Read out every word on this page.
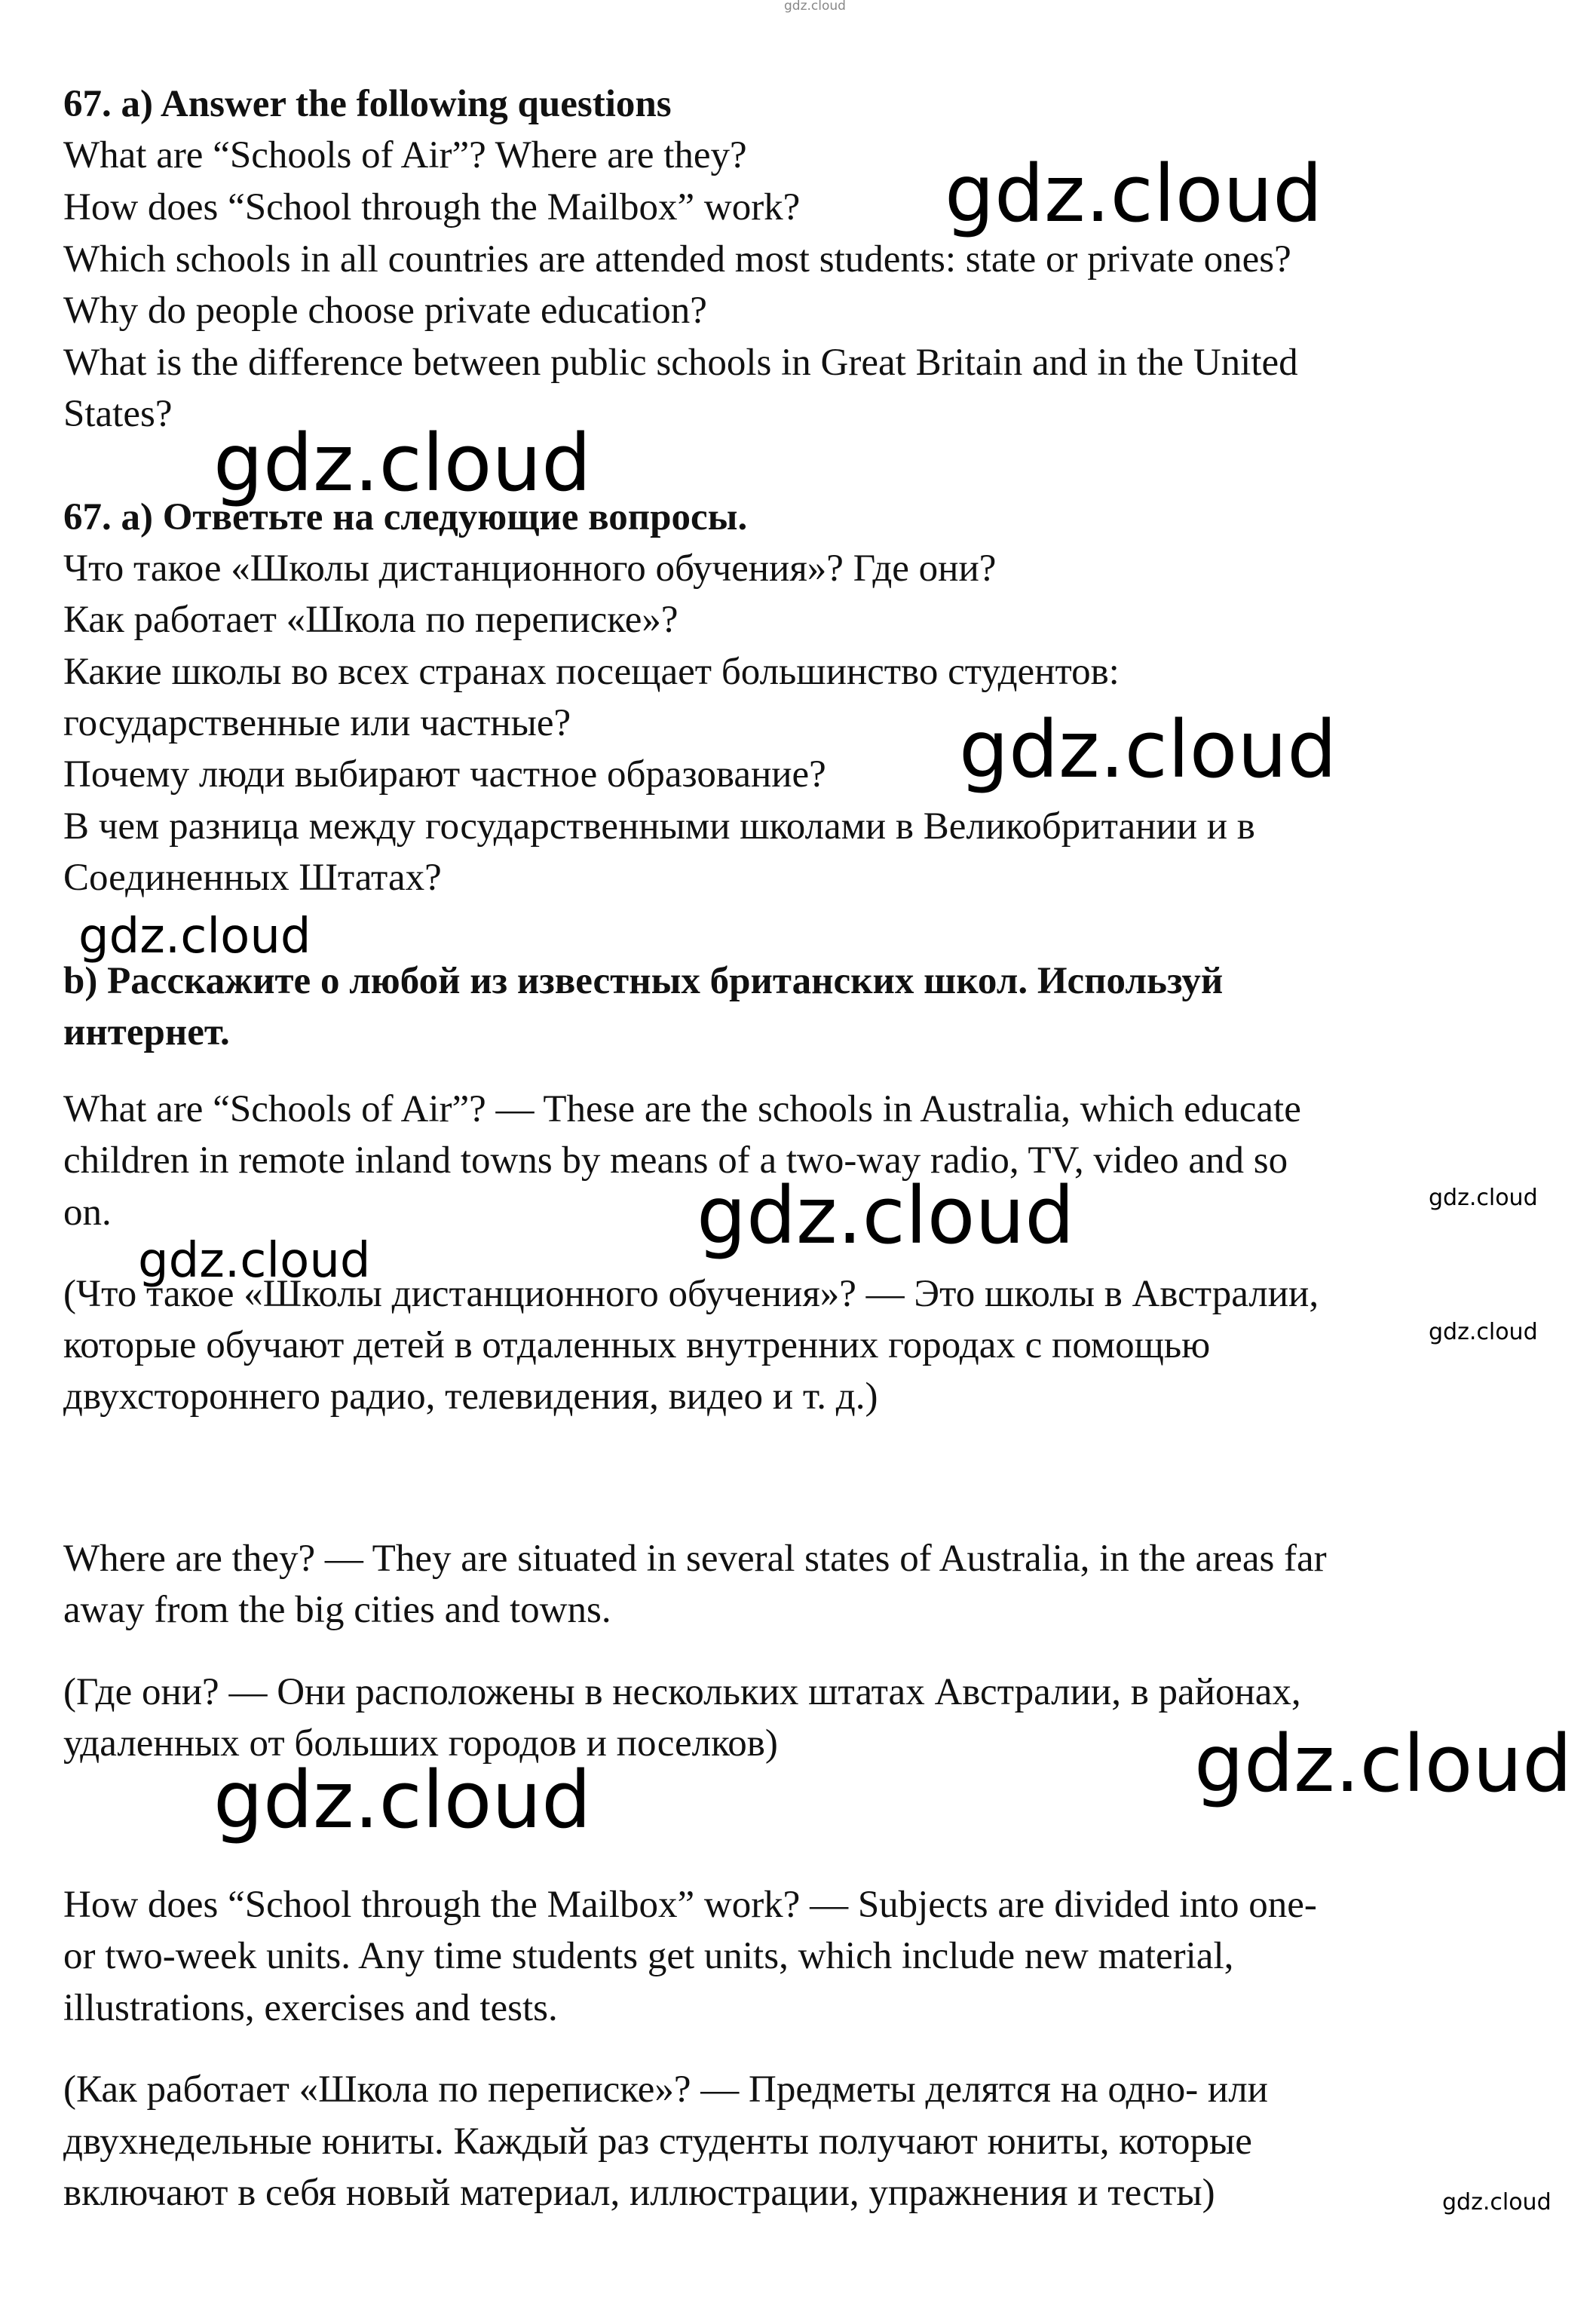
gdz.cloud
gdz.cloud
gdz.cloud
gdz.cloud
gdz.cloud
gdz.cloud	gdz.cloud
gdz.cloud
gdz.cloud
gdz.cloud
gdz.cloud
gdz.cloud

67. a) Answer the following questions

What are “Schools of Air”? Where are they?

How does “School through the Mailbox” work?

Which schools in all countries are attended most students: state or private ones?

Why do people choose private education?

What is the difference between public schools in Great Britain and in the United

States?

67. a) Ответьте на следующие вопросы.

Что такое «Школы дистанционного обучения»? Где они?

Как работает «Школа по переписке»?

Какие школы во всех странах посещает большинство студентов:

государственные или частные?

Почему люди выбирают частное образование?

В чем разница между государственными школами в Великобритании и в

Соединенных Штатах?

b) Расскажите о любой из известных британских школ. Используй

интернет.

What are “Schools of Air”? — These are the schools in Australia, which educate

children in remote inland towns by means of a two-way radio, TV, video and so

on.

(Что такое «Школы дистанционного обучения»? — Это школы в Австралии,

которые обучают детей в отдаленных внутренних городах с помощью

двухстороннего радио, телевидения, видео и т. д.)

Where are they? — They are situated in several states of Australia, in the areas far

away from the big cities and towns.

(Где они? — Они расположены в нескольких штатах Австралии, в районах,

удаленных от больших городов и поселков)

How does “School through the Mailbox” work? — Subjects are divided into one-

or two-week units. Any time students get units, which include new material,

illustrations, exercises and tests.

(Как работает «Школа по переписке»? — Предметы делятся на одно- или

двухнедельные юниты. Каждый раз студенты получают юниты, которые

включают в себя новый материал, иллюстрации, упражнения и тесты)
